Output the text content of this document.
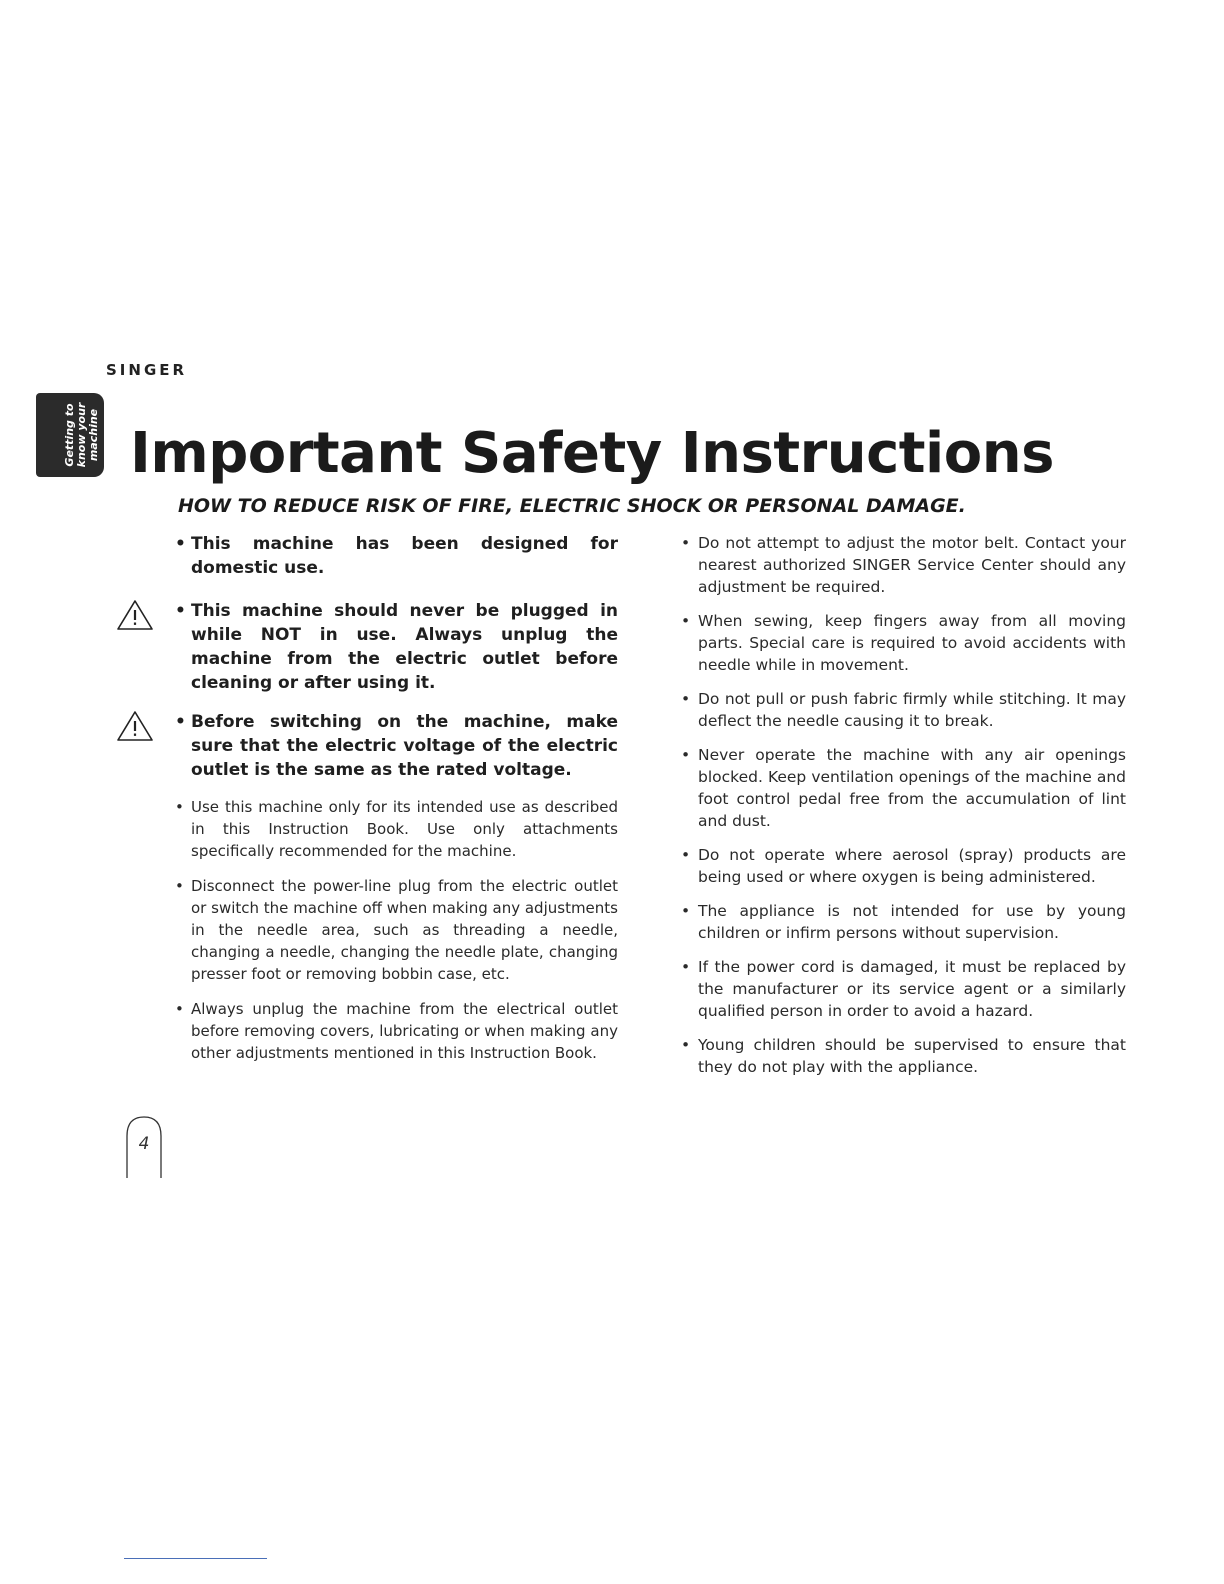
SINGER
Getting to
know your
machine Important Safety Instructions
HOW TO REDUCE RISK OF FIRE, ELECTRIC SHOCK OR PERSONAL DAMAGE.
• This machine has been designed for domestic use.
• This machine should never be plugged in while NOT in use. Always unplug the machine from the electric outlet before cleaning or after using it.
• Before switching on the machine, make sure that the electric voltage of the electric outlet is the same as the rated voltage.
• Use this machine only for its intended use as described in this Instruction Book. Use only attachments specifically recommended for the machine.
• Disconnect the power-line plug from the electric outlet or switch the machine off when making any adjustments in the needle area, such as threading a needle, changing a needle, changing the needle plate, changing presser foot or removing bobbin case, etc.
• Always unplug the machine from the electrical outlet before removing covers, lubricating or when making any other adjustments mentioned in this Instruction Book.
• Do not attempt to adjust the motor belt. Contact your nearest authorized SINGER Service Center should any adjustment be required.
• When sewing, keep fingers away from all moving parts. Special care is required to avoid accidents with needle while in movement.
• Do not pull or push fabric firmly while stitching. It may deflect the needle causing it to break.
• Never operate the machine with any air openings blocked. Keep ventilation openings of the machine and foot control pedal free from the accumulation of lint and dust.
• Do not operate where aerosol (spray) products are being used or where oxygen is being administered.
• The appliance is not intended for use by young children or infirm persons without supervision.
• If the power cord is damaged, it must be replaced by the manufacturer or its service agent or a similarly qualified person in order to avoid a hazard.
• Young children should be supervised to ensure that they do not play with the appliance.
4
